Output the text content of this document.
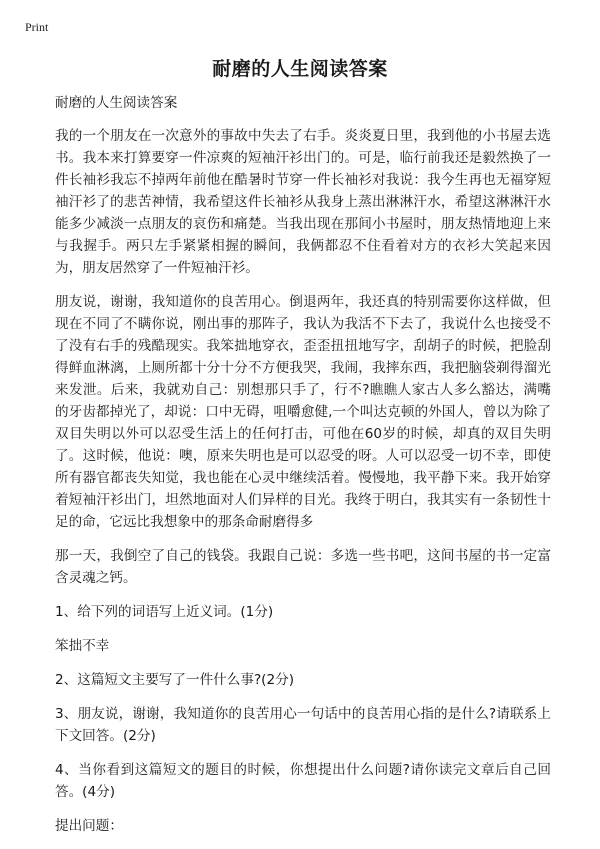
Print
耐磨的人生阅读答案

耐磨的人生阅读答案

我的一个朋友在一次意外的事故中失去了右手。炎炎夏日里，我到他的小书屋去选书。我本来打算要穿一件凉爽的短袖汗衫出门的。可是，临行前我还是毅然换了一件长袖衫我忘不掉两年前他在酷暑时节穿一件长袖衫对我说：我今生再也无福穿短袖汗衫了的悲苦神情，我希望这件长袖衫从我身上蒸出淋淋汗水，希望这淋淋汗水能多少减淡一点朋友的哀伤和痛楚。当我出现在那间小书屋时，朋友热情地迎上来与我握手。两只左手紧紧相握的瞬间，我俩都忍不住看着对方的衣衫大笑起来因为，朋友居然穿了一件短袖汗衫。

朋友说，谢谢，我知道你的良苦用心。倒退两年，我还真的特别需要你这样做，但现在不同了不瞒你说，刚出事的那阵子，我认为我活不下去了，我说什么也接受不了没有右手的残酷现实。我笨拙地穿衣，歪歪扭扭地写字，刮胡子的时候，把脸刮得鲜血淋漓，上厕所都十分十分不方便我哭，我闹，我摔东西，我把脑袋剃得溜光来发泄。后来，我就劝自己：别想那只手了，行不?瞧瞧人家古人多么豁达，满嘴的牙齿都掉光了，却说：口中无碍，咀嚼愈健,一个叫达克顿的外国人，曾以为除了双目失明以外可以忍受生活上的任何打击，可他在60岁的时候，却真的双目失明了。这时候，他说：噢，原来失明也是可以忍受的呀。人可以忍受一切不幸，即使所有器官都丧失知觉，我也能在心灵中继续活着。慢慢地，我平静下来。我开始穿着短袖汗衫出门，坦然地面对人们异样的目光。我终于明白，我其实有一条韧性十足的命，它远比我想象中的那条命耐磨得多

那一天，我倒空了自己的钱袋。我跟自己说：多选一些书吧，这间书屋的书一定富含灵魂之钙。

1、给下列的词语写上近义词。(1分)

笨拙不幸

2、这篇短文主要写了一件什么事?(2分)

3、朋友说，谢谢，我知道你的良苦用心一句话中的良苦用心指的是什么?请联系上下文回答。(2分)

4、当你看到这篇短文的题目的时候，你想提出什么问题?请你读完文章后自己回答。(4分)

提出问题：
